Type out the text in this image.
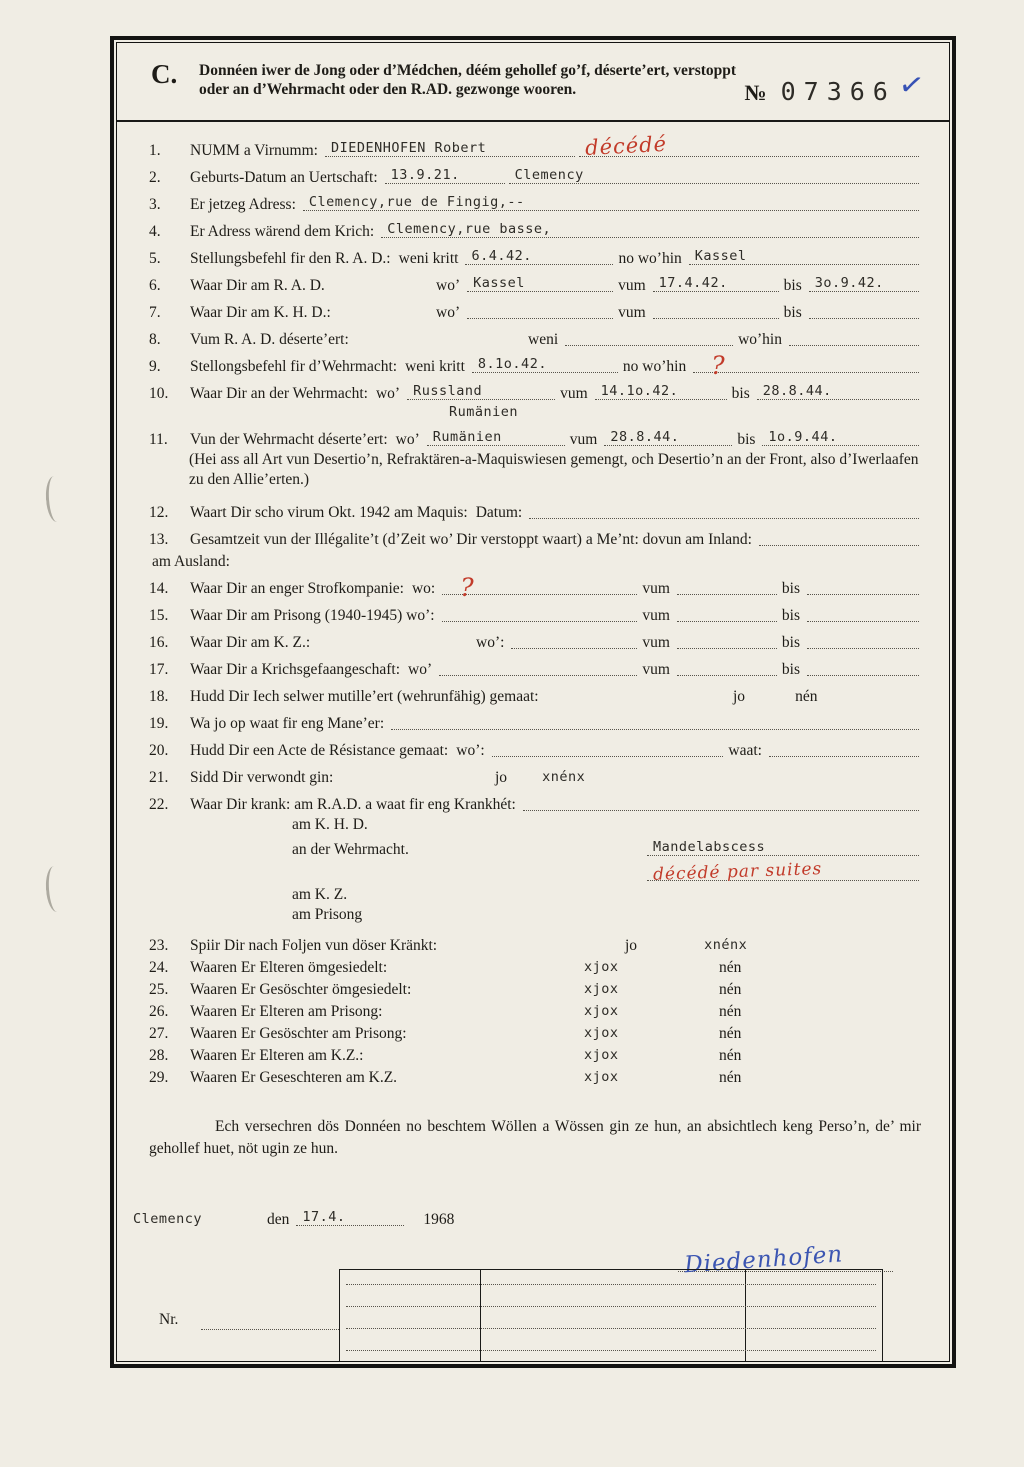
C.	Donnéen iwer de Jong oder d’Médchen, déém gehollef go’f, déserte’ert, verstoppt oder an d’Wehrmacht oder den R.AD. gezwonge wooren.	№ 07366 ✓
1.	NUMM a Virnumm: DIEDENHOFEN Robert	décédé
2.	Geburts-Datum an Uertschaft: 13.9.21.	Clemency
3.	Er jetzeg Adress: Clemency,rue de Fingig,--
4.	Er Adress wärend dem Krich: Clemency,rue basse,
5.	Stellungsbefehl fir den R. A. D.: weni kritt 6.4.42.	no wo’hin Kassel
6.	Waar Dir am R. A. D.	wo’ Kassel	vum 17.4.42.	bis 3o.9.42.
7.	Waar Dir am K. H. D.:	wo’	vum	bis
8.	Vum R. A. D. déserte’ert:	weni	wo’hin
9.	Stellongsbefehl fir d’Wehrmacht: weni kritt 8.1o.42.	no wo’hin	?
10.	Waar Dir an der Wehrmacht: wo’ Russland	vum 14.1o.42.	bis 28.8.44.
Rumänien
11.	Vun der Wehrmacht déserte’ert: wo’ Rumänien	vum 28.8.44.	bis 1o.9.44.
(Hei ass all Art vun Desertio’n, Refraktären-a-Maquiswiesen gemengt, och Desertio’n an der Front, also d’Iwerlaafen zu den Allie’erten.)
12.	Waart Dir scho virum Okt. 1942 am Maquis: Datum:
13.	Gesamtzeit vun der Illégalite’t (d’Zeit wo’ Dir verstoppt waart) a Me’nt: dovun am Inland:
am Ausland:
14.	Waar Dir an enger Strofkompanie: wo:	?	vum	bis
15.	Waar Dir am Prisong (1940-1945) wo’:	vum	bis
16.	Waar Dir am K. Z.:	wo’:	vum	bis
17.	Waar Dir a Krichsgefaangeschaft: wo’	vum	bis
18.	Hudd Dir Iech selwer mutille’ert (wehrunfähig) gemaat:	jo	nén
19.	Wa jo op waat fir eng Mane’er:
20.	Hudd Dir een Acte de Résistance gemaat: wo’:	waat:
21.	Sidd Dir verwondt gin:	jo	xnénx
22.	Waar Dir krank: am R.A.D. a waat fir eng Krankhét:
am K. H. D.
an der Wehrmacht.	Mandelabscess
décédé par suites
am K. Z.
am Prisong
23.	Spiir Dir nach Foljen vun döser Kränkt:	jo	xnénx
24.	Waaren Er Elteren ömgesiedelt:	xjox	nén
25.	Waaren Er Gesöschter ömgesiedelt:	xjox	nén
26.	Waaren Er Elteren am Prisong:	xjox	nén
27.	Waaren Er Gesöschter am Prisong:	xjox	nén
28.	Waaren Er Elteren am K.Z.:	xjox	nén
29.	Waaren Er Geseschteren am K.Z.	xjox	nén
Ech versechren dös Donnéen no beschtem Wöllen a Wössen gin ze hun, an absichtlech keng Perso’n, de’ mir gehollef huet, nöt ugin ze hun.
Clemency	den 17.4.	1968
Diedenhofen
Nr.
